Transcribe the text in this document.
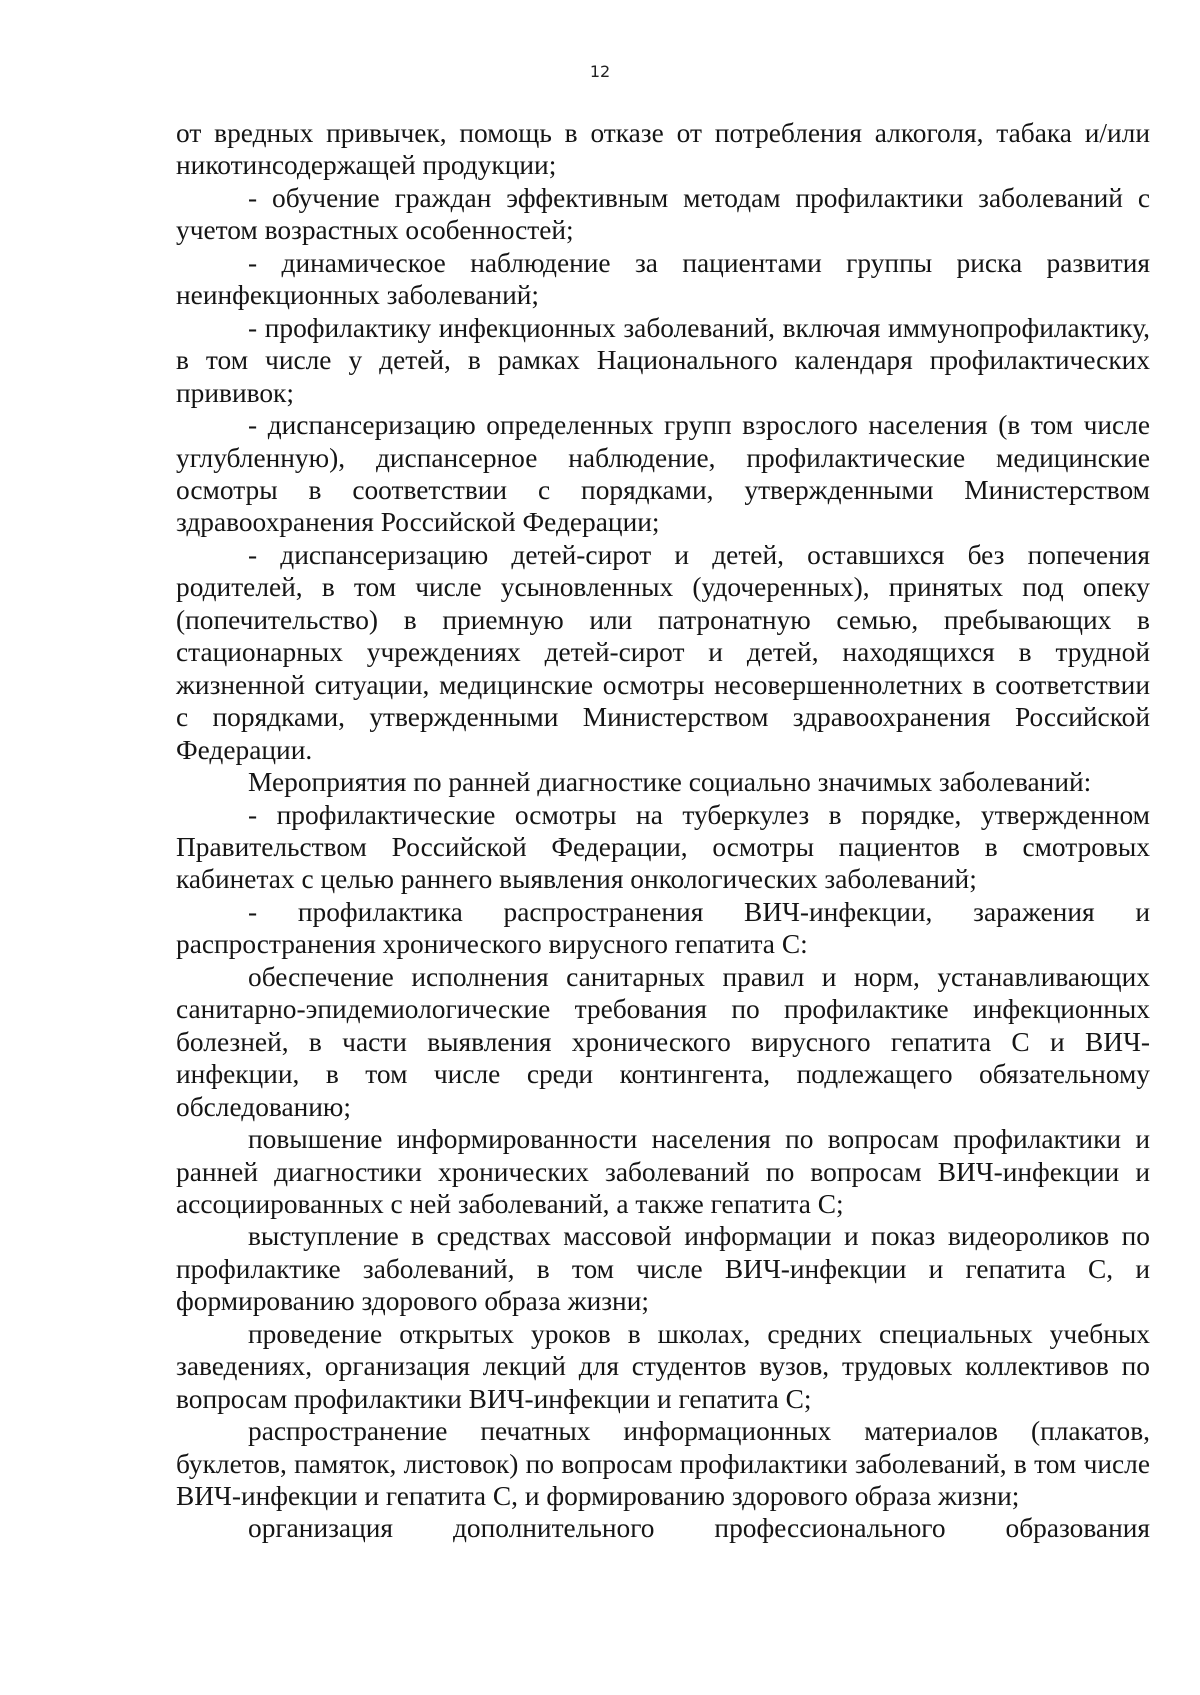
12

от вредных привычек, помощь в отказе от потребления алкоголя, табака и/или никотинсодержащей продукции;

- обучение граждан эффективным методам профилактики заболеваний с учетом возрастных особенностей;

- динамическое наблюдение за пациентами группы риска развития неинфекционных заболеваний;

- профилактику инфекционных заболеваний, включая иммунопрофилактику, в том числе у детей, в рамках Национального календаря профилактических прививок;

- диспансеризацию определенных групп взрослого населения (в том числе углубленную), диспансерное наблюдение, профилактические медицинские осмотры в соответствии с порядками, утвержденными Министерством здравоохранения Российской Федерации;

- диспансеризацию детей-сирот и детей, оставшихся без попечения родителей, в том числе усыновленных (удочеренных), принятых под опеку (попечительство) в приемную или патронатную семью, пребывающих в стационарных учреждениях детей-сирот и детей, находящихся в трудной жизненной ситуации, медицинские осмотры несовершеннолетних в соответствии с порядками, утвержденными Министерством здравоохранения Российской Федерации.

Мероприятия по ранней диагностике социально значимых заболеваний:

- профилактические осмотры на туберкулез в порядке, утвержденном Правительством Российской Федерации, осмотры пациентов в смотровых кабинетах с целью раннего выявления онкологических заболеваний;

- профилактика распространения ВИЧ-инфекции, заражения и распространения хронического вирусного гепатита С:

обеспечение исполнения санитарных правил и норм, устанавливающих санитарно-эпидемиологические требования по профилактике инфекционных болезней, в части выявления хронического вирусного гепатита С и ВИЧ-инфекции, в том числе среди контингента, подлежащего обязательному обследованию;

повышение информированности населения по вопросам профилактики и ранней диагностики хронических заболеваний по вопросам ВИЧ-инфекции и ассоциированных с ней заболеваний, а также гепатита С;

выступление в средствах массовой информации и показ видеороликов по профилактике заболеваний, в том числе ВИЧ-инфекции и гепатита С, и формированию здорового образа жизни;

проведение открытых уроков в школах, средних специальных учебных заведениях, организация лекций для студентов вузов, трудовых коллективов по вопросам профилактики ВИЧ-инфекции и гепатита С;

распространение печатных информационных материалов (плакатов, буклетов, памяток, листовок) по вопросам профилактики заболеваний, в том числе ВИЧ-инфекции и гепатита С, и формированию здорового образа жизни;

организация дополнительного профессионального образования
